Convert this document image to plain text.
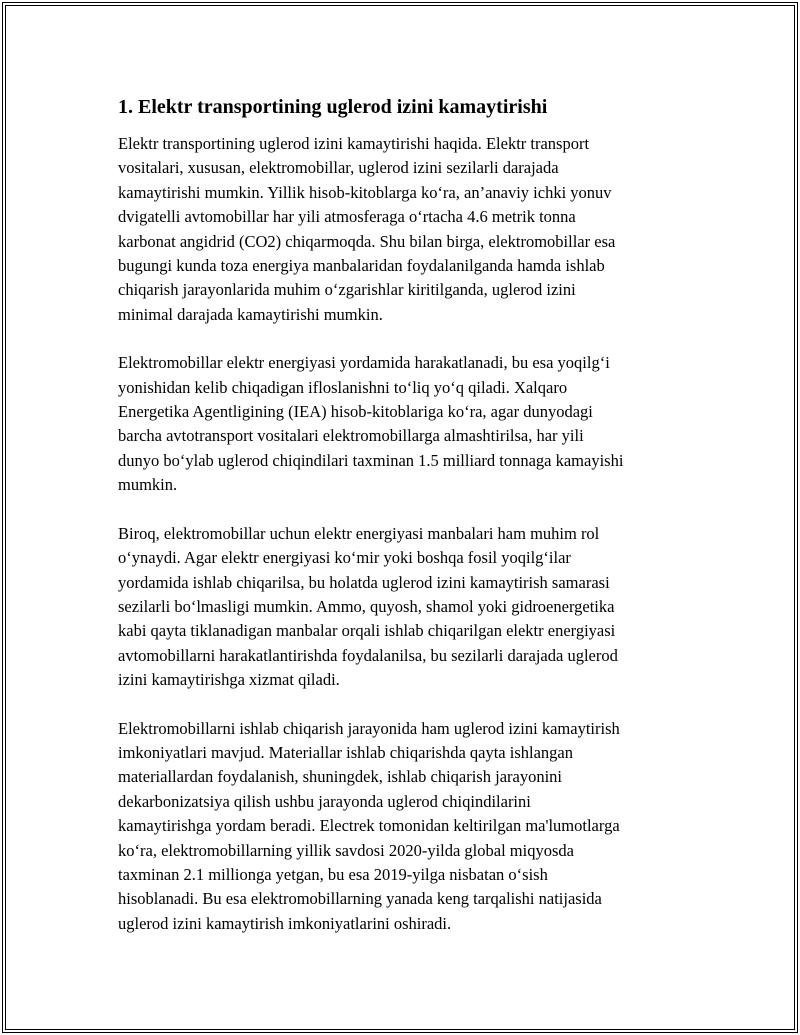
1. Elektr transportining uglerod izini kamaytirishi

Elektr transportining uglerod izini kamaytirishi haqida. Elektr transport
vositalari, xususan, elektromobillar, uglerod izini sezilarli darajada
kamaytirishi mumkin. Yillik hisob-kitoblarga ko‘ra, an’anaviy ichki yonuv
dvigatelli avtomobillar har yili atmosferaga o‘rtacha 4.6 metrik tonna
karbonat angidrid (CO2) chiqarmoqda. Shu bilan birga, elektromobillar esa
bugungi kunda toza energiya manbalaridan foydalanilganda hamda ishlab
chiqarish jarayonlarida muhim o‘zgarishlar kiritilganda, uglerod izini
minimal darajada kamaytirishi mumkin.

Elektromobillar elektr energiyasi yordamida harakatlanadi, bu esa yoqilg‘i
yonishidan kelib chiqadigan ifloslanishni to‘liq yo‘q qiladi. Xalqaro
Energetika Agentligining (IEA) hisob-kitoblariga ko‘ra, agar dunyodagi
barcha avtotransport vositalari elektromobillarga almashtirilsa, har yili
dunyo bo‘ylab uglerod chiqindilari taxminan 1.5 milliard tonnaga kamayishi
mumkin.

Biroq, elektromobillar uchun elektr energiyasi manbalari ham muhim rol
o‘ynaydi. Agar elektr energiyasi ko‘mir yoki boshqa fosil yoqilg‘ilar
yordamida ishlab chiqarilsa, bu holatda uglerod izini kamaytirish samarasi
sezilarli bo‘lmasligi mumkin. Ammo, quyosh, shamol yoki gidroenergetika
kabi qayta tiklanadigan manbalar orqali ishlab chiqarilgan elektr energiyasi
avtomobillarni harakatlantirishda foydalanilsa, bu sezilarli darajada uglerod
izini kamaytirishga xizmat qiladi.

Elektromobillarni ishlab chiqarish jarayonida ham uglerod izini kamaytirish
imkoniyatlari mavjud. Materiallar ishlab chiqarishda qayta ishlangan
materiallardan foydalanish, shuningdek, ishlab chiqarish jarayonini
dekarbonizatsiya qilish ushbu jarayonda uglerod chiqindilarini
kamaytirishga yordam beradi. Electrek tomonidan keltirilgan ma'lumotlarga
ko‘ra, elektromobillarning yillik savdosi 2020-yilda global miqyosda
taxminan 2.1 millionga yetgan, bu esa 2019-yilga nisbatan o‘sish
hisoblanadi. Bu esa elektromobillarning yanada keng tarqalishi natijasida
uglerod izini kamaytirish imkoniyatlarini oshiradi.
